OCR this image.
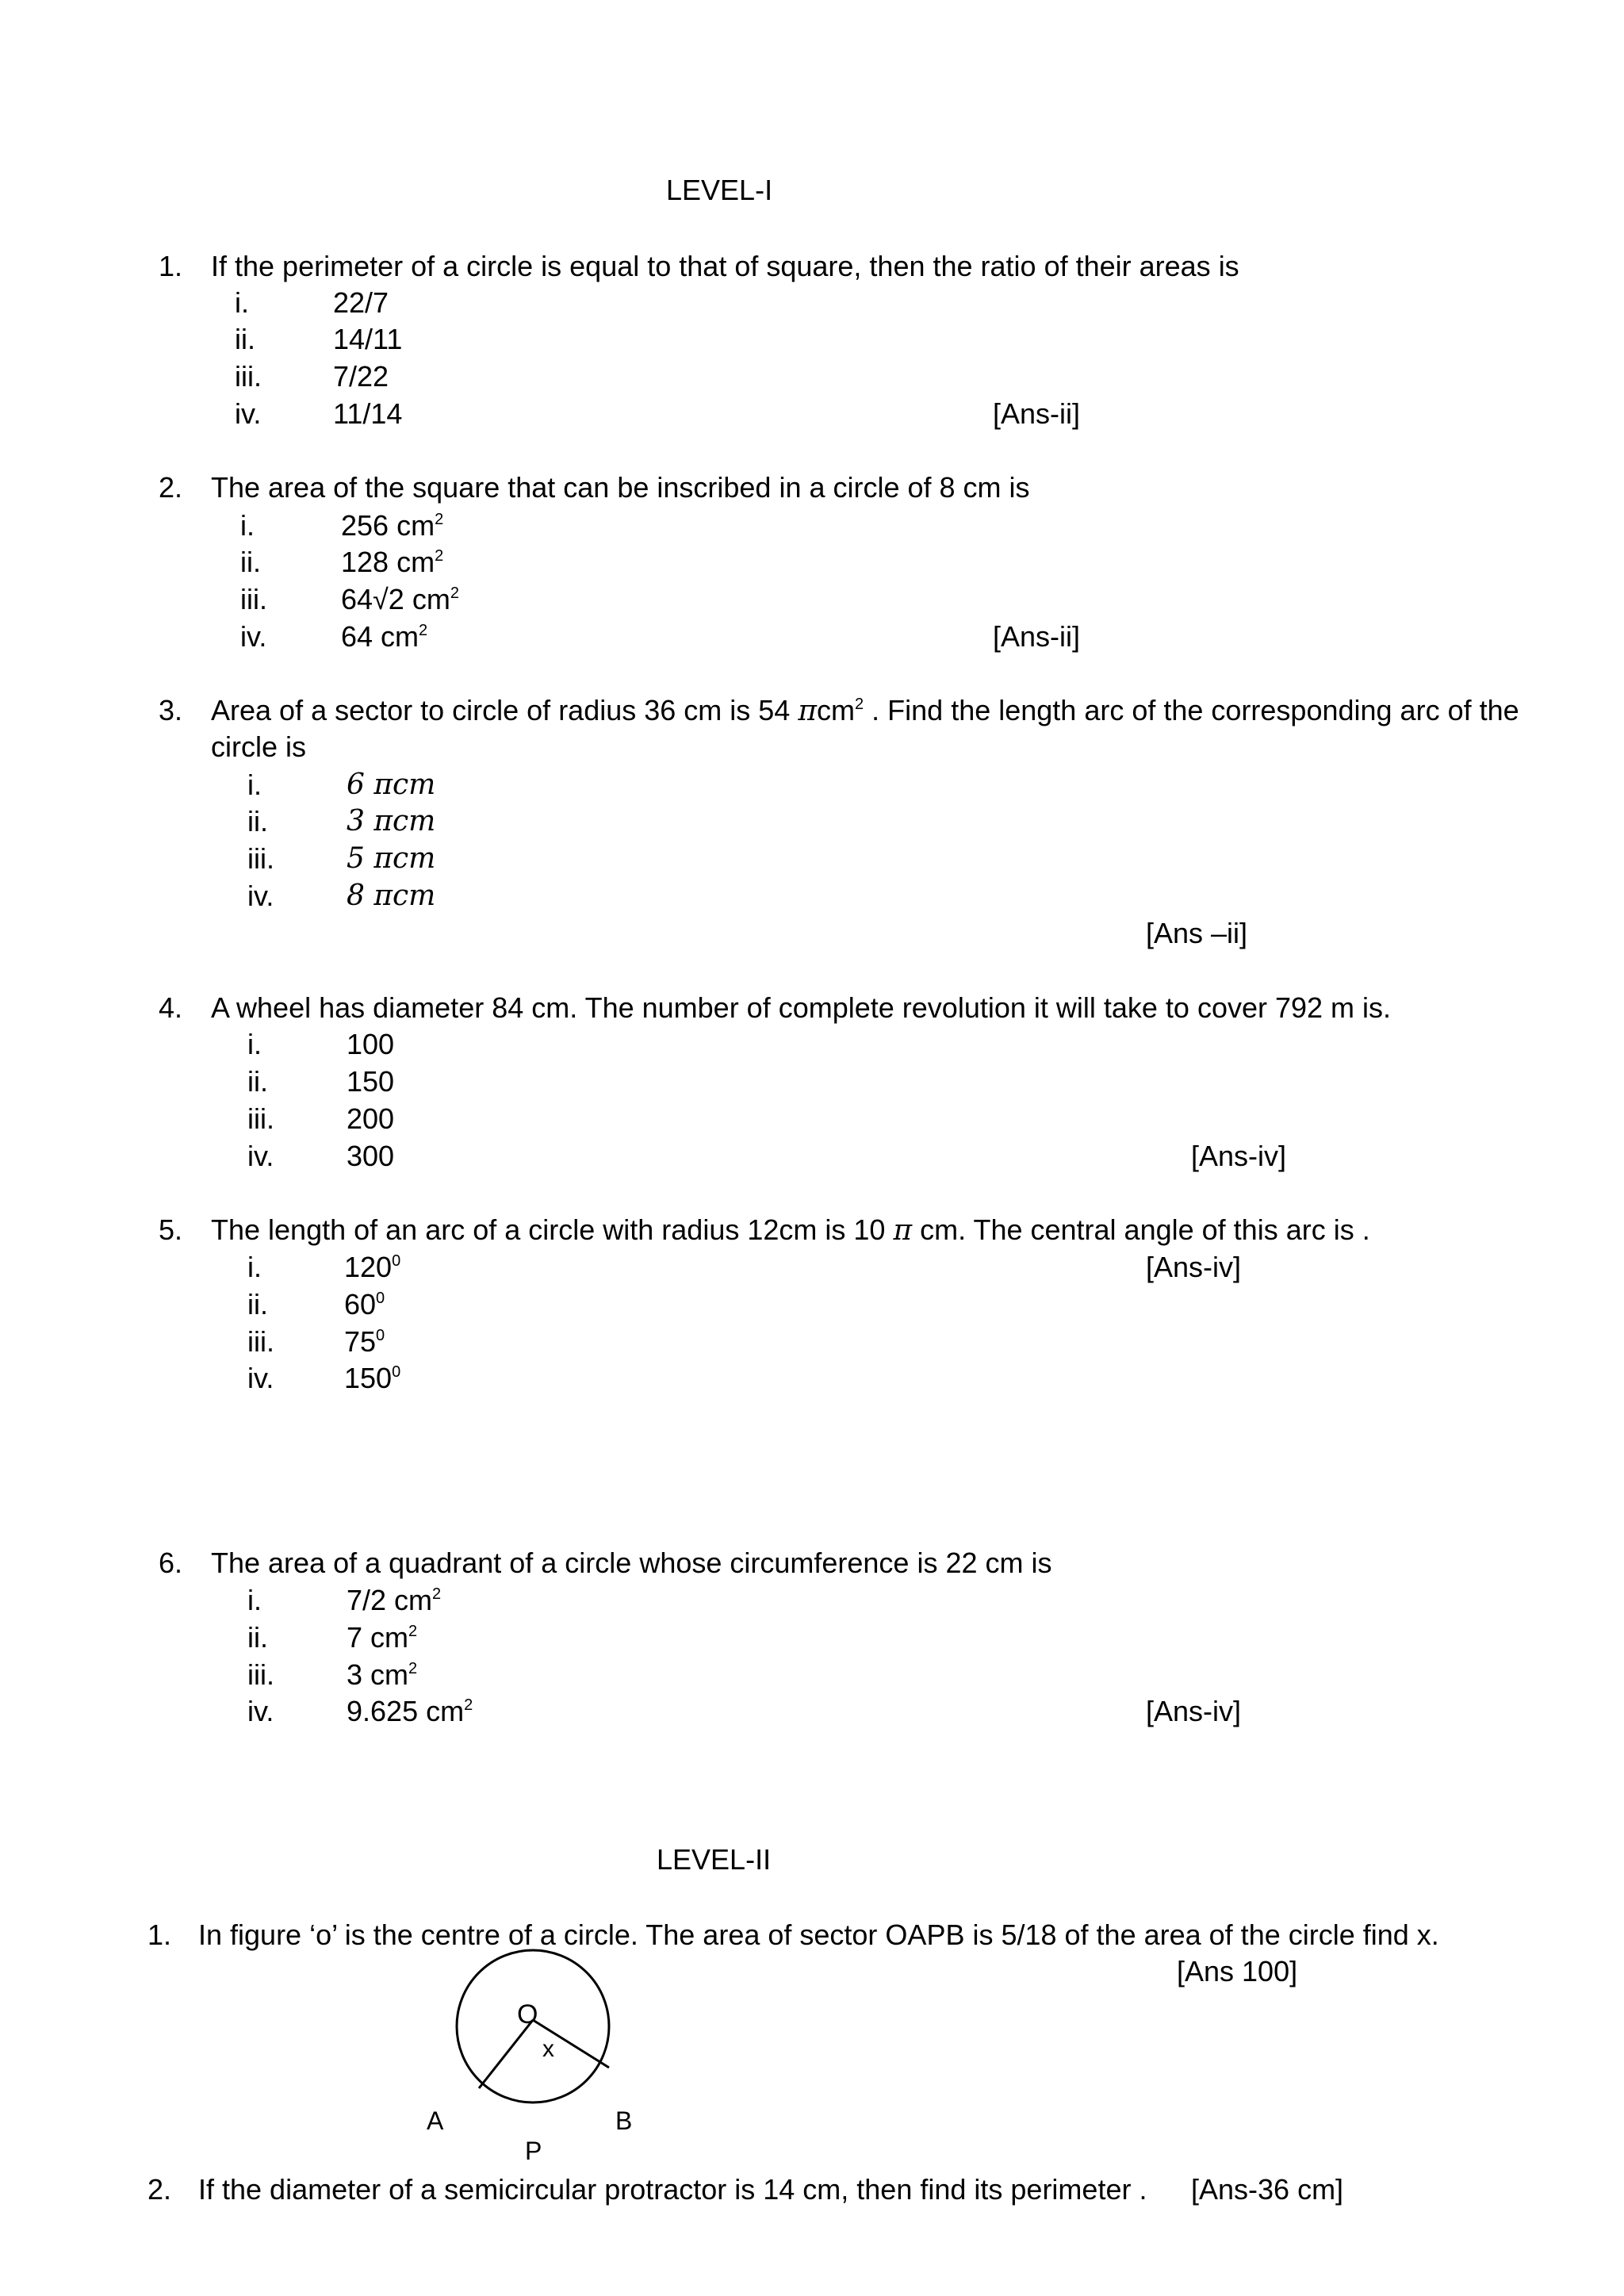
LEVEL-I
1. If the perimeter of a circle is equal to that of square, then the ratio of their areas is
i.	22/7
ii.	14/11
iii.	7/22
iv.	11/14	[Ans-ii]
2. The area of the square that can be inscribed in a circle of 8 cm is
i.	256 $cm^2$
ii.	128 $cm^2$
iii.	64√2 $cm^2$
iv.	64 $cm^2$	[Ans-ii]
3. Area of a sector to circle of radius 36 cm is 54 πcm$^2$ . Find the length arc of the corresponding arc of the
circle is
i.	6 πcm
ii.	3 πcm
iii.	5 πcm
iv.	8 πcm
[Ans –ii]
4. A wheel has diameter 84 cm. The number of complete revolution it will take to cover 792 m is.
i.	100
ii.	150
iii.	200
iv.	300	[Ans-iv]
5. The length of an arc of a circle with radius 12cm is 10 π cm. The central angle of this arc is .
i.	$120^0$	[Ans-iv]
ii.	$60^0$
iii. $75^0$
iv. $150^0$
6. The area of a quadrant of a circle whose circumference is 22 cm is
i.	7/2 $cm^2$
ii.	7 $cm^2$
iii.	3 $cm^2$
iv.	9.625 $cm^2$	[Ans-iv]
LEVEL-II
1. In figure ‘o’ is the centre of a circle. The area of sector OAPB is 5/18 of the area of the circle find x.
[Ans 100]
O
x
A	B
P
2. If the diameter of a semicircular protractor is 14 cm, then find its perimeter . [Ans-36 cm]
